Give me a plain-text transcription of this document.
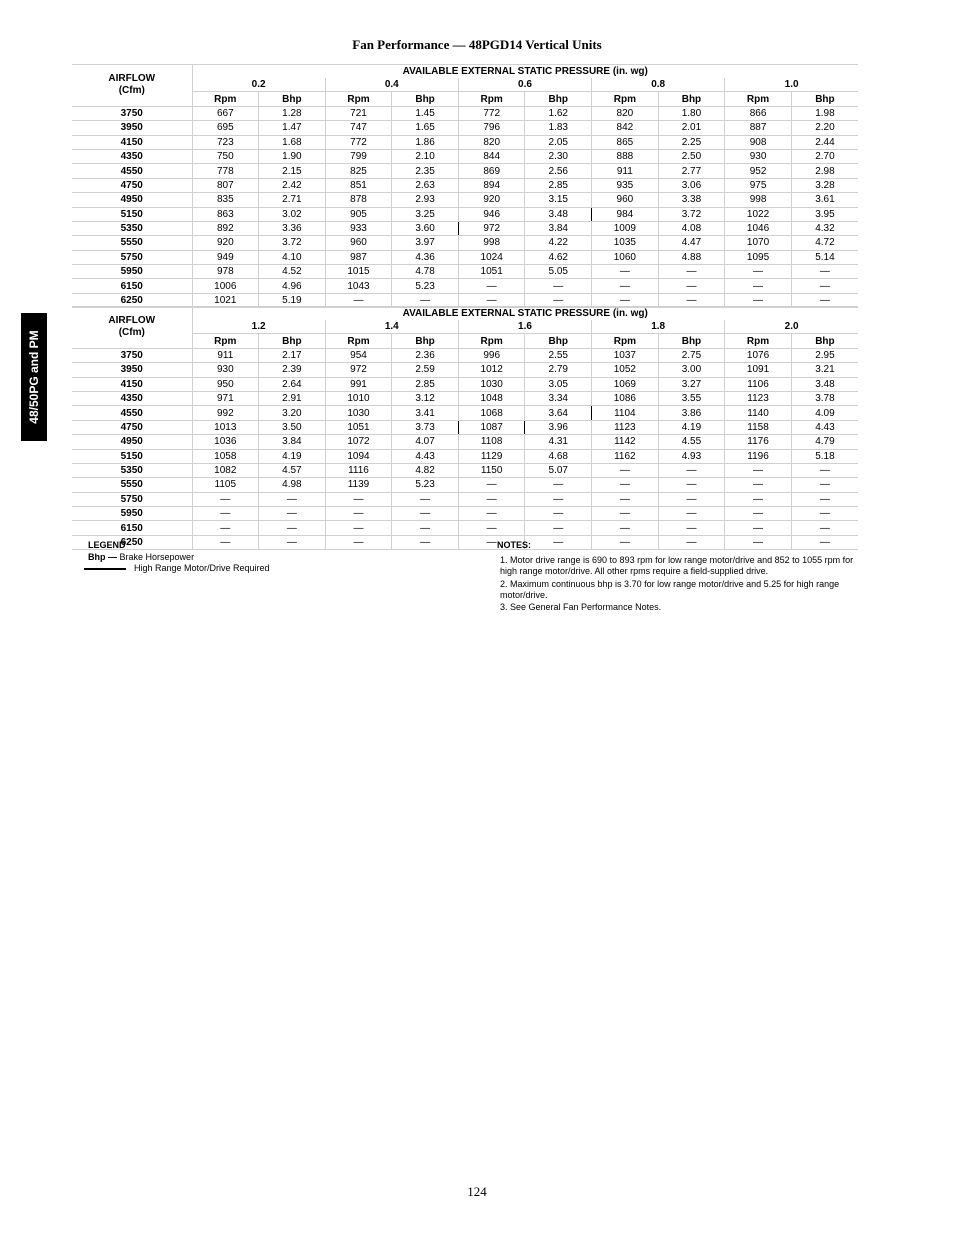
Fan Performance — 48PGD14 Vertical Units
48/50PG and PM
AIRFLOW
(Cfm)	AVAILABLE EXTERNAL STATIC PRESSURE (in. wg)									
	0.2		0.4		0.6		0.8		1.0	
	Rpm	Bhp	Rpm	Bhp	Rpm	Bhp	Rpm	Bhp	Rpm	Bhp
3750	667	1.28	721	1.45	772	1.62	820	1.80	866	1.98
3950	695	1.47	747	1.65	796	1.83	842	2.01	887	2.20
4150	723	1.68	772	1.86	820	2.05	865	2.25	908	2.44
4350	750	1.90	799	2.10	844	2.30	888	2.50	930	2.70
4550	778	2.15	825	2.35	869	2.56	911	2.77	952	2.98
4750	807	2.42	851	2.63	894	2.85	935	3.06	975	3.28
4950	835	2.71	878	2.93	920	3.15	960	3.38	998	3.61
5150	863	3.02	905	3.25	946	3.48	984	3.72	1022	3.95
5350	892	3.36	933	3.60	972	3.84	1009	4.08	1046	4.32
5550	920	3.72	960	3.97	998	4.22	1035	4.47	1070	4.72
5750	949	4.10	987	4.36	1024	4.62	1060	4.88	1095	5.14
5950	978	4.52	1015	4.78	1051	5.05	—	—	—	—
6150	1006	4.96	1043	5.23	—	—	—	—	—	—
6250	1021	5.19	—	—	—	—	—	—	—	—
AIRFLOW
(Cfm)	AVAILABLE EXTERNAL STATIC PRESSURE (in. wg)									
	1.2		1.4		1.6		1.8		2.0	
	Rpm	Bhp	Rpm	Bhp	Rpm	Bhp	Rpm	Bhp	Rpm	Bhp
3750	911	2.17	954	2.36	996	2.55	1037	2.75	1076	2.95
3950	930	2.39	972	2.59	1012	2.79	1052	3.00	1091	3.21
4150	950	2.64	991	2.85	1030	3.05	1069	3.27	1106	3.48
4350	971	2.91	1010	3.12	1048	3.34	1086	3.55	1123	3.78
4550	992	3.20	1030	3.41	1068	3.64	1104	3.86	1140	4.09
4750	1013	3.50	1051	3.73	1087	3.96	1123	4.19	1158	4.43
4950	1036	3.84	1072	4.07	1108	4.31	1142	4.55	1176	4.79
5150	1058	4.19	1094	4.43	1129	4.68	1162	4.93	1196	5.18
5350	1082	4.57	1116	4.82	1150	5.07	—	—	—	—
5550	1105	4.98	1139	5.23	—	—	—	—	—	—
5750	—	—	—	—	—	—	—	—	—	—
5950	—	—	—	—	—	—	—	—	—	—
6150	—	—	—	—	—	—	—	—	—	—
6250	—	—	—	—	—	—	—	—	—	—
LEGEND
Bhp — Brake Horsepower
High Range Motor/Drive Required
NOTES:
1. Motor drive range is 690 to 893 rpm for low range motor/drive and 852 to 1055 rpm for high range motor/drive. All other rpms require a field-supplied drive.
2. Maximum continuous bhp is 3.70 for low range motor/drive and 5.25 for high range motor/drive.
3. See General Fan Performance Notes.
124
